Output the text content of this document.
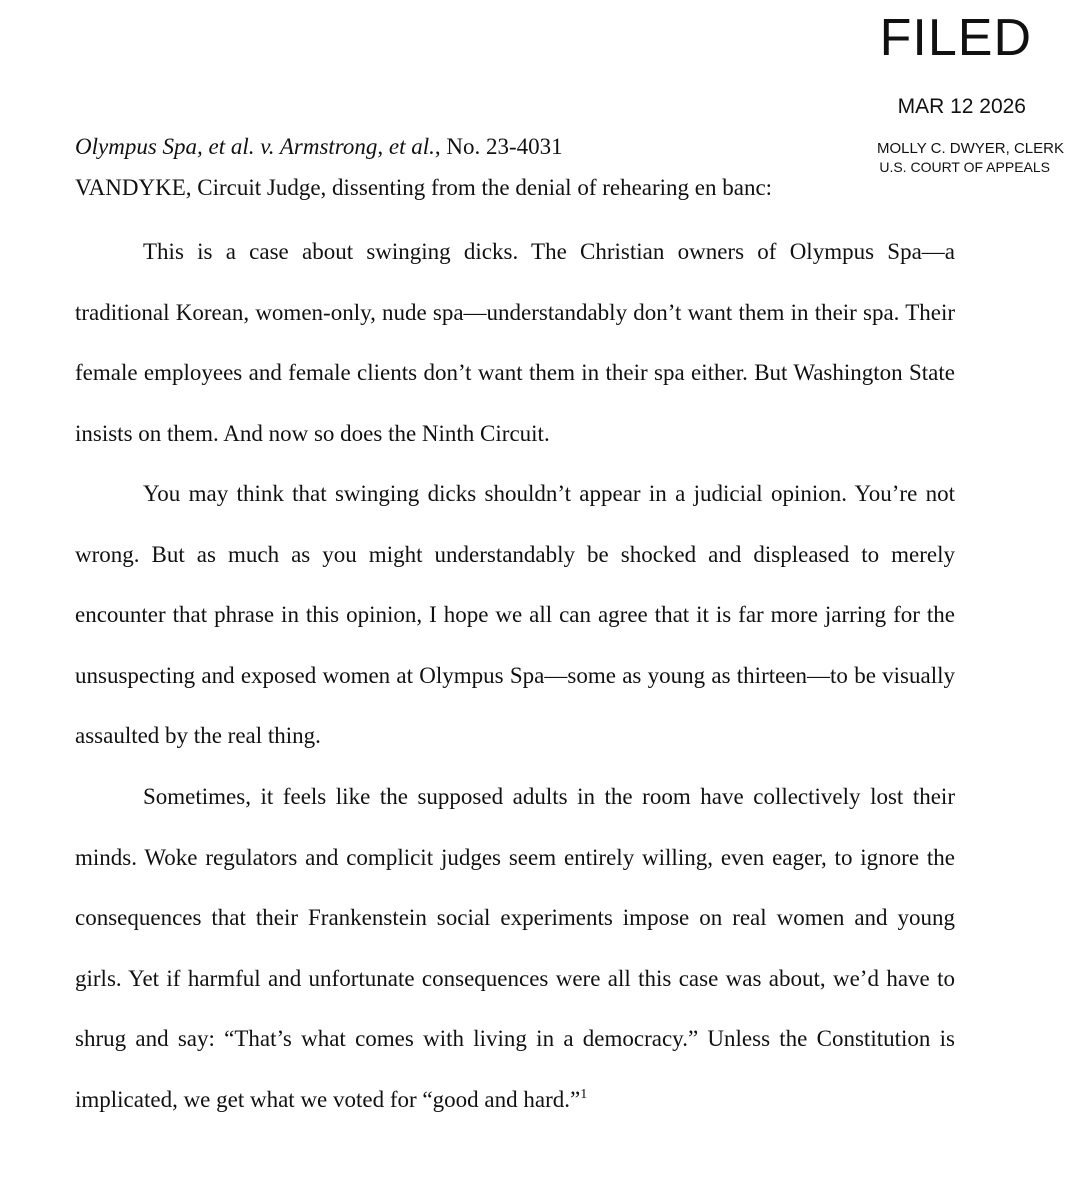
FILED
MAR 12 2026
MOLLY C. DWYER, CLERK
U.S. COURT OF APPEALS
Olympus Spa, et al. v. Armstrong, et al., No. 23-4031
VANDYKE, Circuit Judge, dissenting from the denial of rehearing en banc:

This is a case about swinging dicks. The Christian owners of Olympus Spa—a traditional Korean, women-only, nude spa—understandably don’t want them in their spa. Their female employees and female clients don’t want them in their spa either. But Washington State insists on them. And now so does the Ninth Circuit.

You may think that swinging dicks shouldn’t appear in a judicial opinion. You’re not wrong. But as much as you might understandably be shocked and displeased to merely encounter that phrase in this opinion, I hope we all can agree that it is far more jarring for the unsuspecting and exposed women at Olympus Spa—some as young as thirteen—to be visually assaulted by the real thing.

Sometimes, it feels like the supposed adults in the room have collectively lost their minds. Woke regulators and complicit judges seem entirely willing, even eager, to ignore the consequences that their Frankenstein social experiments impose on real women and young girls. Yet if harmful and unfortunate consequences were all this case was about, we’d have to shrug and say: “That’s what comes with living in a democracy.” Unless the Constitution is implicated, we get what we voted for “good and hard.”$^1$
